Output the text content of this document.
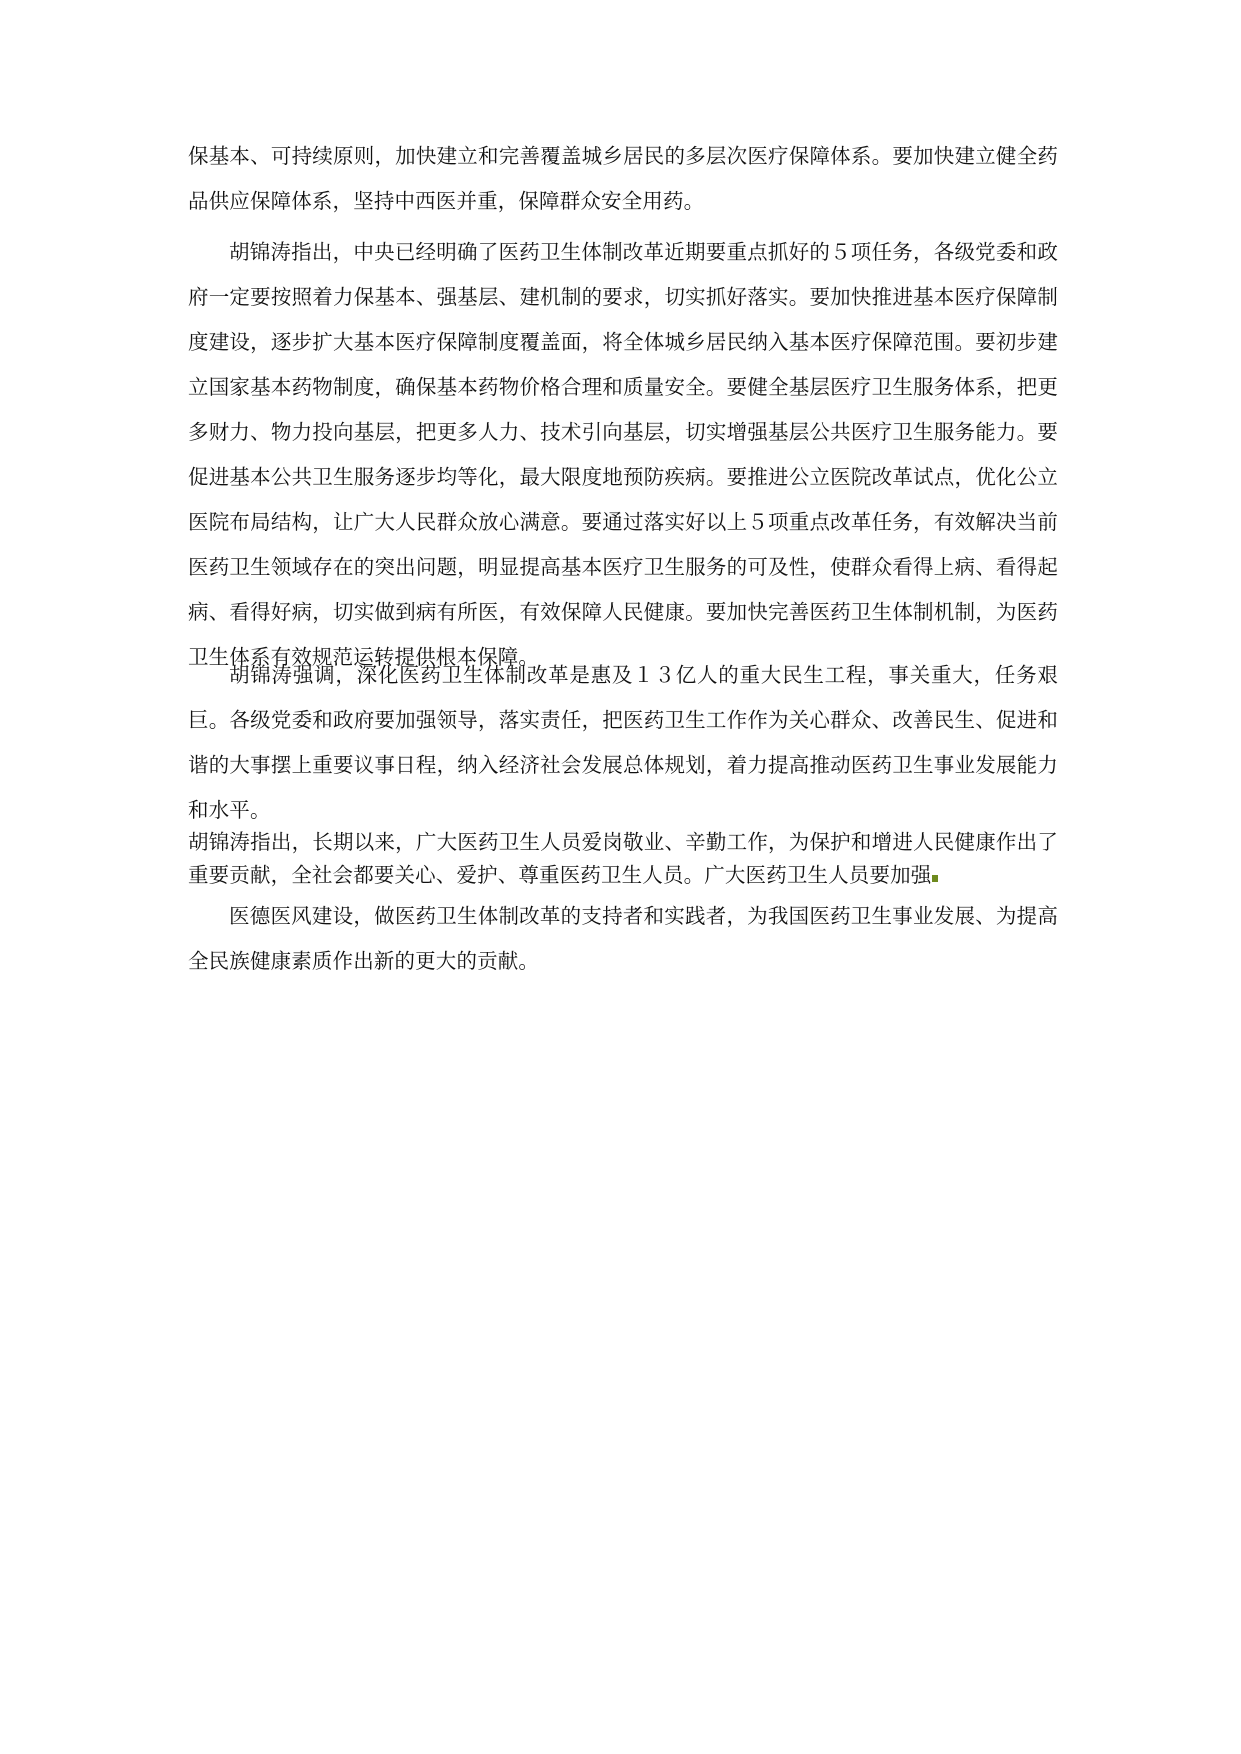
保基本、可持续原则，加快建立和完善覆盖城乡居民的多层次医疗保障体系。要加快建立健全药品供应保障体系，坚持中西医并重，保障群众安全用药。

胡锦涛指出，中央已经明确了医药卫生体制改革近期要重点抓好的５项任务，各级党委和政府一定要按照着力保基本、强基层、建机制的要求，切实抓好落实。要加快推进基本医疗保障制度建设，逐步扩大基本医疗保障制度覆盖面，将全体城乡居民纳入基本医疗保障范围。要初步建立国家基本药物制度，确保基本药物价格合理和质量安全。要健全基层医疗卫生服务体系，把更多财力、物力投向基层，把更多人力、技术引向基层，切实增强基层公共医疗卫生服务能力。要促进基本公共卫生服务逐步均等化，最大限度地预防疾病。要推进公立医院改革试点，优化公立医院布局结构，让广大人民群众放心满意。要通过落实好以上５项重点改革任务，有效解决当前医药卫生领域存在的突出问题，明显提高基本医疗卫生服务的可及性，使群众看得上病、看得起病、看得好病，切实做到病有所医，有效保障人民健康。要加快完善医药卫生体制机制，为医药卫生体系有效规范运转提供根本保障。

胡锦涛强调，深化医药卫生体制改革是惠及１３亿人的重大民生工程，事关重大，任务艰巨。各级党委和政府要加强领导，落实责任，把医药卫生工作作为关心群众、改善民生、促进和谐的大事摆上重要议事日程，纳入经济社会发展总体规划，着力提高推动医药卫生事业发展能力和水平。

胡锦涛指出，长期以来，广大医药卫生人员爱岗敬业、辛勤工作，为保护和增进人民健康作出了重要贡献，全社会都要关心、爱护、尊重医药卫生人员。广大医药卫生人员要加强

医德医风建设，做医药卫生体制改革的支持者和实践者，为我国医药卫生事业发展、为提高全民族健康素质作出新的更大的贡献。
